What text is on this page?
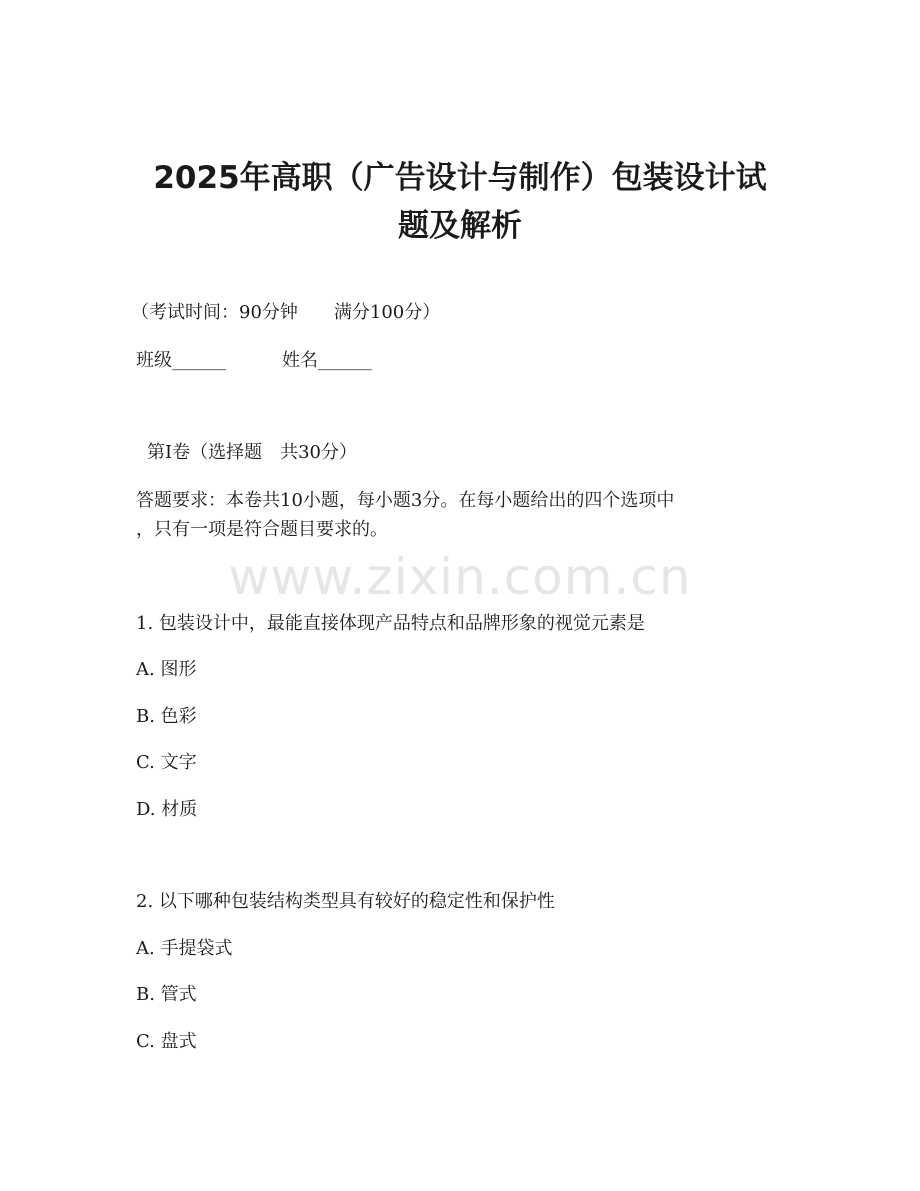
2025年高职（广告设计与制作）包装设计试
题及解析

（考试时间：90分钟　　满分100分）

班级______	姓名______

第Ⅰ卷（选择题　共30分）

答题要求：本卷共10小题，每小题3分。在每小题给出的四个选项中

，只有一项是符合题目要求的。

www.zixin.com.cn

1. 包装设计中，最能直接体现产品特点和品牌形象的视觉元素是

A. 图形

B. 色彩

C. 文字

D. 材质

2. 以下哪种包装结构类型具有较好的稳定性和保护性

A. 手提袋式

B. 管式

C. 盘式
